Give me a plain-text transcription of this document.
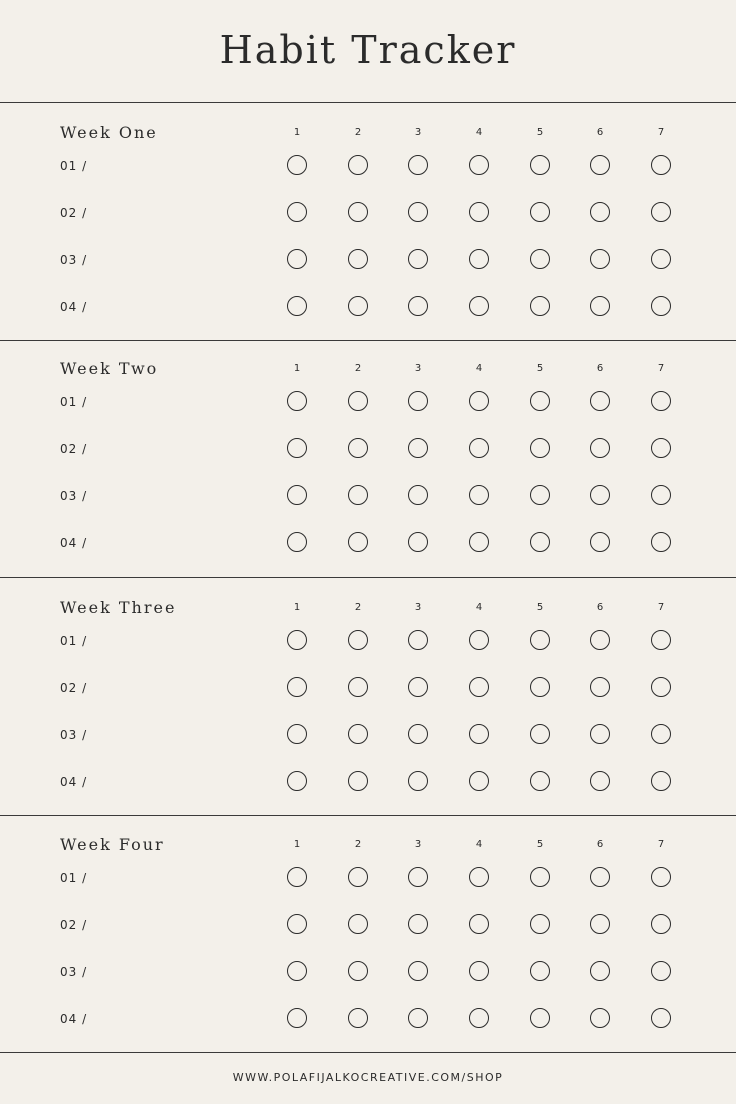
Habit Tracker
Week One	1	2	3	4	5	6	7
01 /
02 /
03 /
04 /
Week Two	1	2	3	4	5	6	7
01 /
02 /
03 /
04 /
Week Three	1	2	3	4	5	6	7
01 /
02 /
03 /
04 /
Week Four	1	2	3	4	5	6	7
01 /
02 /
03 /
04 /
WWW.POLAFIJALKOCREATIVE.COM/SHOP
